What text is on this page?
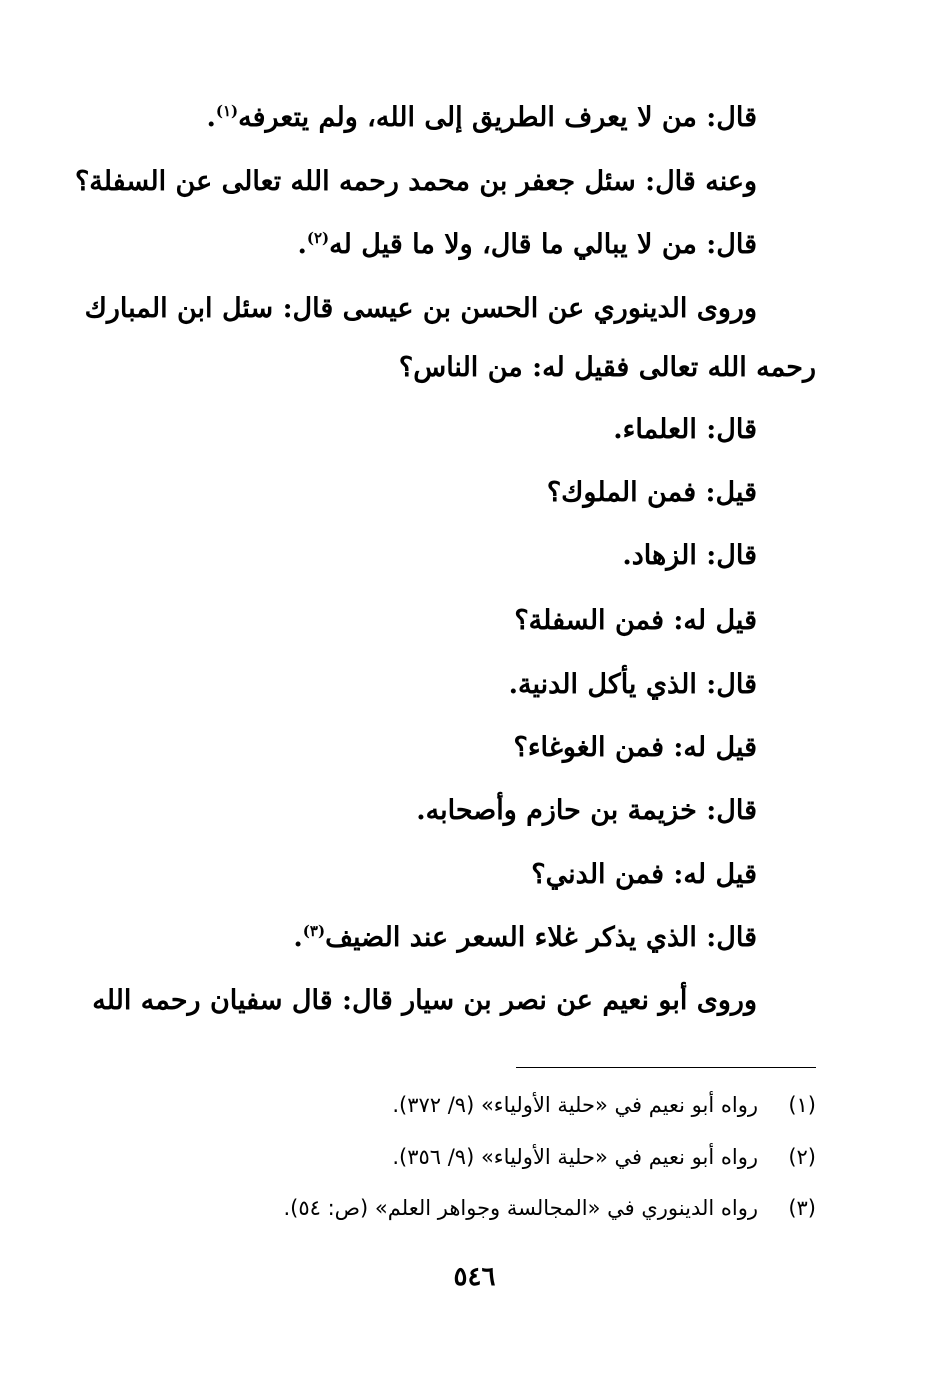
قال: من لا يعرف الطريق إلى الله، ولم يتعرفه$^{(١)}$.
وعنه قال: سئل جعفر بن محمد رحمه الله تعالى عن السفلة؟
قال: من لا يبالي ما قال، ولا ما قيل له$^{(٢)}$.
وروى الدينوري عن الحسن بن عيسى قال: سئل ابن المبارك
رحمه الله تعالى فقيل له: من الناس؟
قال: العلماء.
قيل: فمن الملوك؟
قال: الزهاد.
قيل له: فمن السفلة؟
قال: الذي يأكل الدنية.
قيل له: فمن الغوغاء؟
قال: خزيمة بن حازم وأصحابه.
قيل له: فمن الدني؟
قال: الذي يذكر غلاء السعر عند الضيف$^{(٣)}$.
وروى أبو نعيم عن نصر بن سيار قال: قال سفيان رحمه الله
(١)رواه أبو نعيم في «حلية الأولياء» (٩/ ٣٧٢).
(٢)رواه أبو نعيم في «حلية الأولياء» (٩/ ٣٥٦).
(٣)رواه الدينوري في «المجالسة وجواهر العلم» (ص: ٥٤).
٥٤٦
